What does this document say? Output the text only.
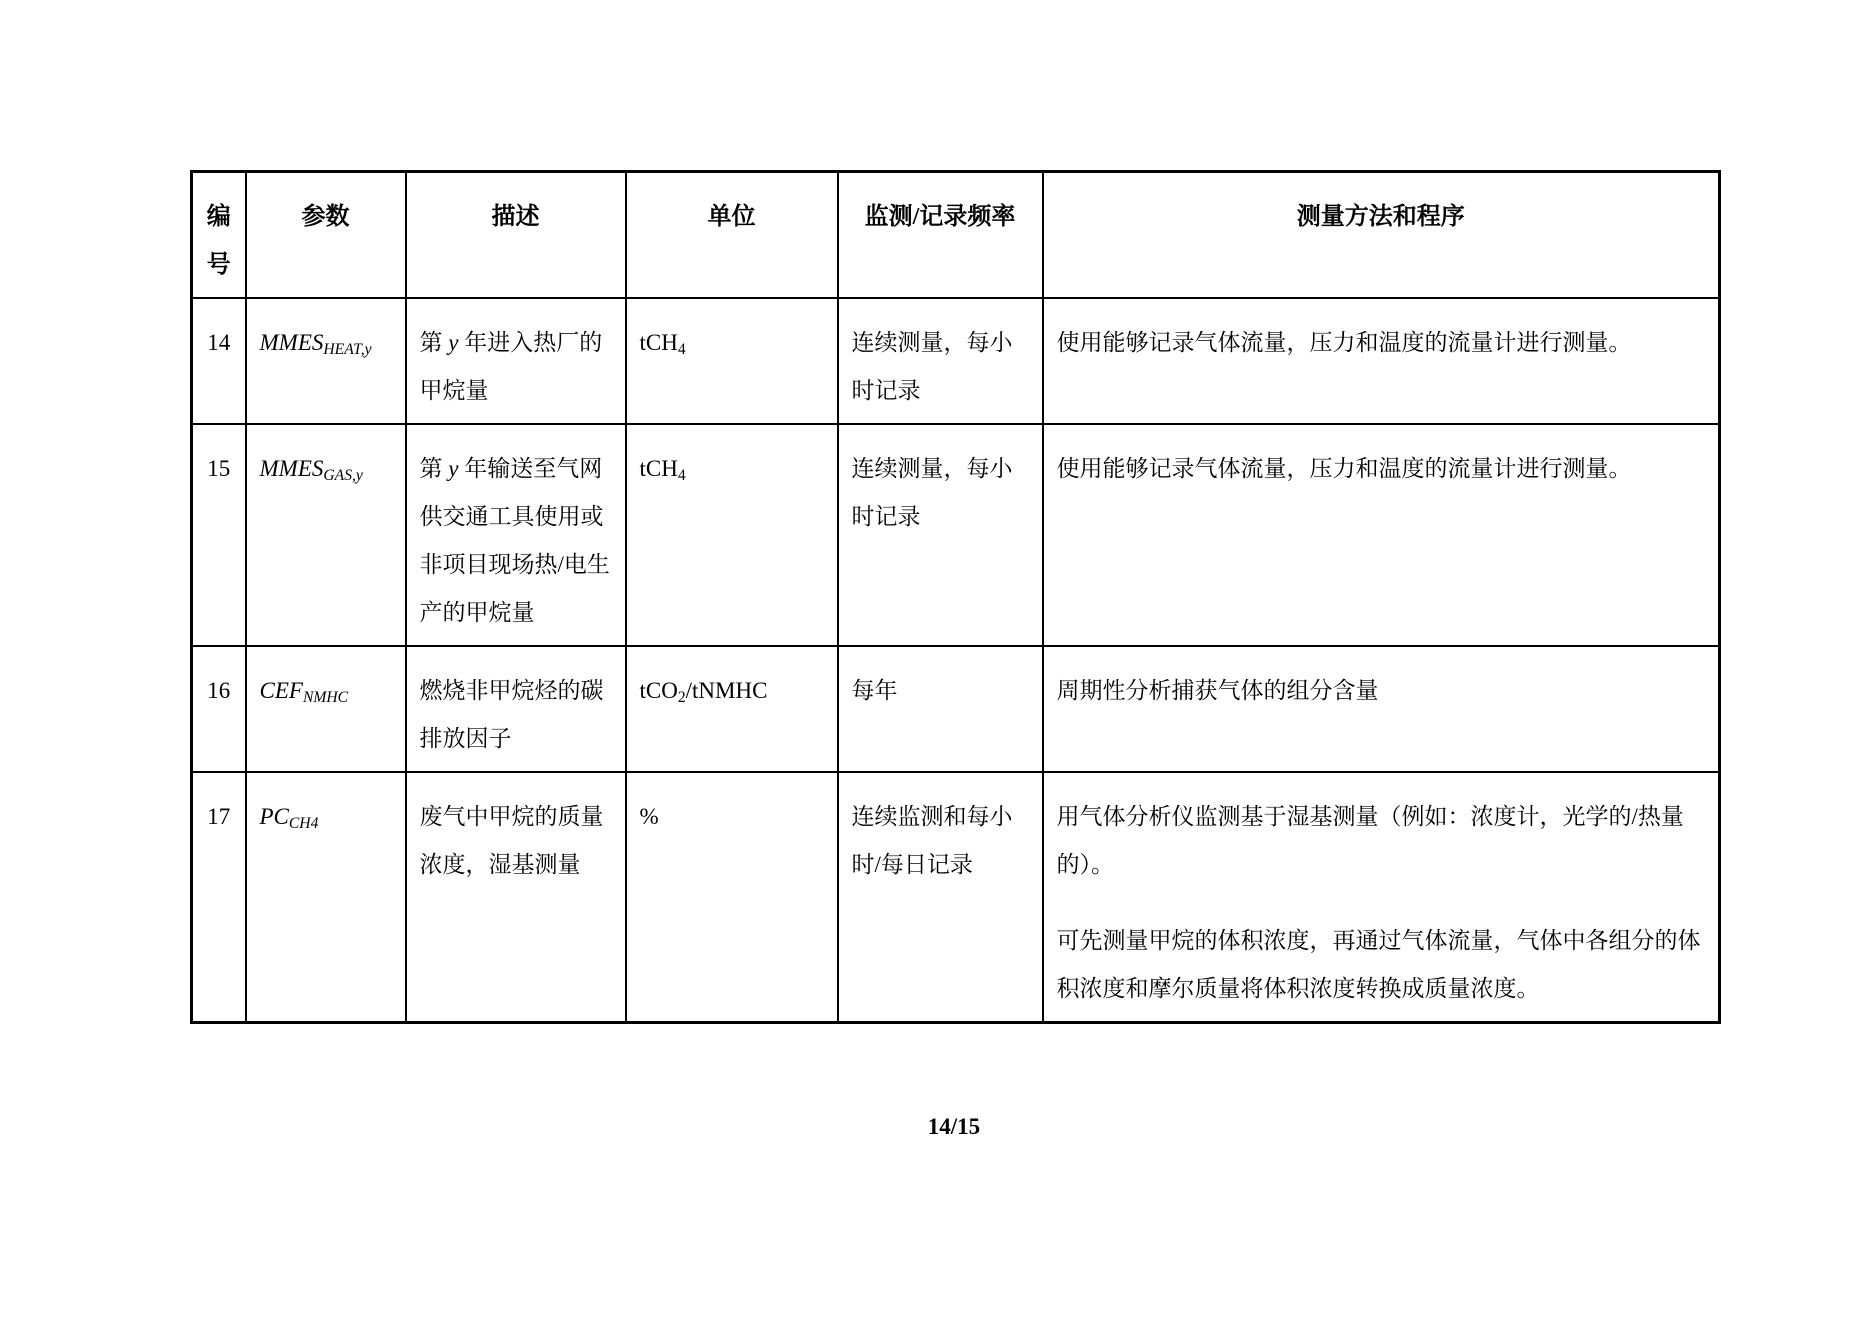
编号	参数	描述	单位	监测/记录频率	测量方法和程序
14	$MMES_{HEAT,y}$	第 y 年进入热厂的甲烷量	tCH$_4$	连续测量，每小时记录	使用能够记录气体流量，压力和温度的流量计进行测量。

15	$MMES_{GAS,y}$	第 y 年输送至气网供交通工具使用或非项目现场热/电生产的甲烷量	tCH$_4$	连续测量，每小时记录	使用能够记录气体流量，压力和温度的流量计进行测量。

16	$CEF_{NMHC}$	燃烧非甲烷烃的碳排放因子	tCO$_2$/tNMHC	每年	周期性分析捕获气体的组分含量

17	$PC_{CH4}$	废气中甲烷的质量浓度，湿基测量	%	连续监测和每小时/每日记录	用气体分析仪监测基于湿基测量（例如：浓度计，光学的/热量的）。

可先测量甲烷的体积浓度，再通过气体流量，气体中各组分的体积浓度和摩尔质量将体积浓度转换成质量浓度。

14/15
